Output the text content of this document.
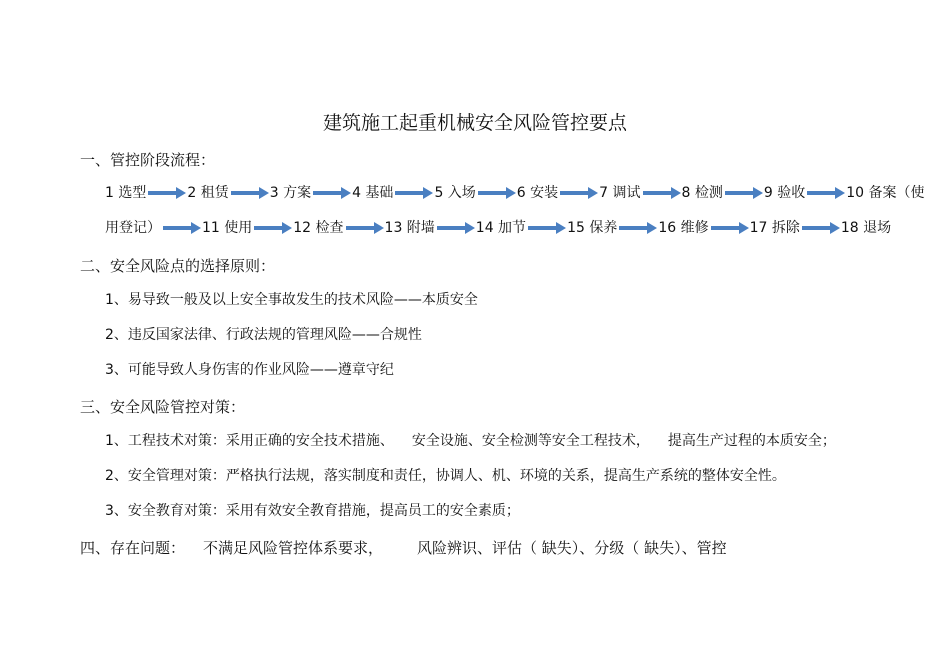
建筑施工起重机械安全风险管控要点
一、管控阶段流程：
1 选型	2 租赁	3 方案	4 基础	5 入场	6 安装	7 调试	8 检测	9 验收	10 备案（使
用登记）	11 使用	12 检查	13 附墙	14 加节	15 保养	16 维修	17 拆除	18 退场
二、安全风险点的选择原则：
1、易导致一般及以上安全事故发生的技术风险——本质安全
2、违反国家法律、行政法规的管理风险——合规性
3、可能导致人身伤害的作业风险——遵章守纪
三、安全风险管控对策：
1、工程技术对策：采用正确的安全技术措施、 安全设施、安全检测等安全工程技术， 提高生产过程的本质安全；
2、安全管理对策：严格执行法规，落实制度和责任，协调人、机、环境的关系，提高生产系统的整体安全性。
3、安全教育对策：采用有效安全教育措施，提高员工的安全素质；
四、存在问题： 不满足风险管控体系要求， 风险辨识、评估（ 缺失）、分级（ 缺失）、管控
